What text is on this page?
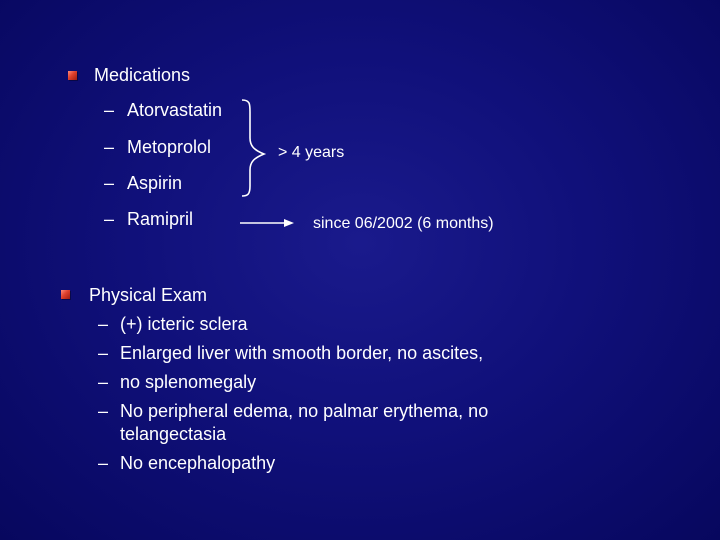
Medications
– Atorvastatin
– Metoprolol
– Aspirin
– Ramipril
> 4 years
since 06/2002 (6 months)
Physical Exam
– (+) icteric sclera
– Enlarged liver with smooth border, no ascites,
– no splenomegaly
– No peripheral edema, no palmar erythema, no
telangectasia
– No encephalopathy
